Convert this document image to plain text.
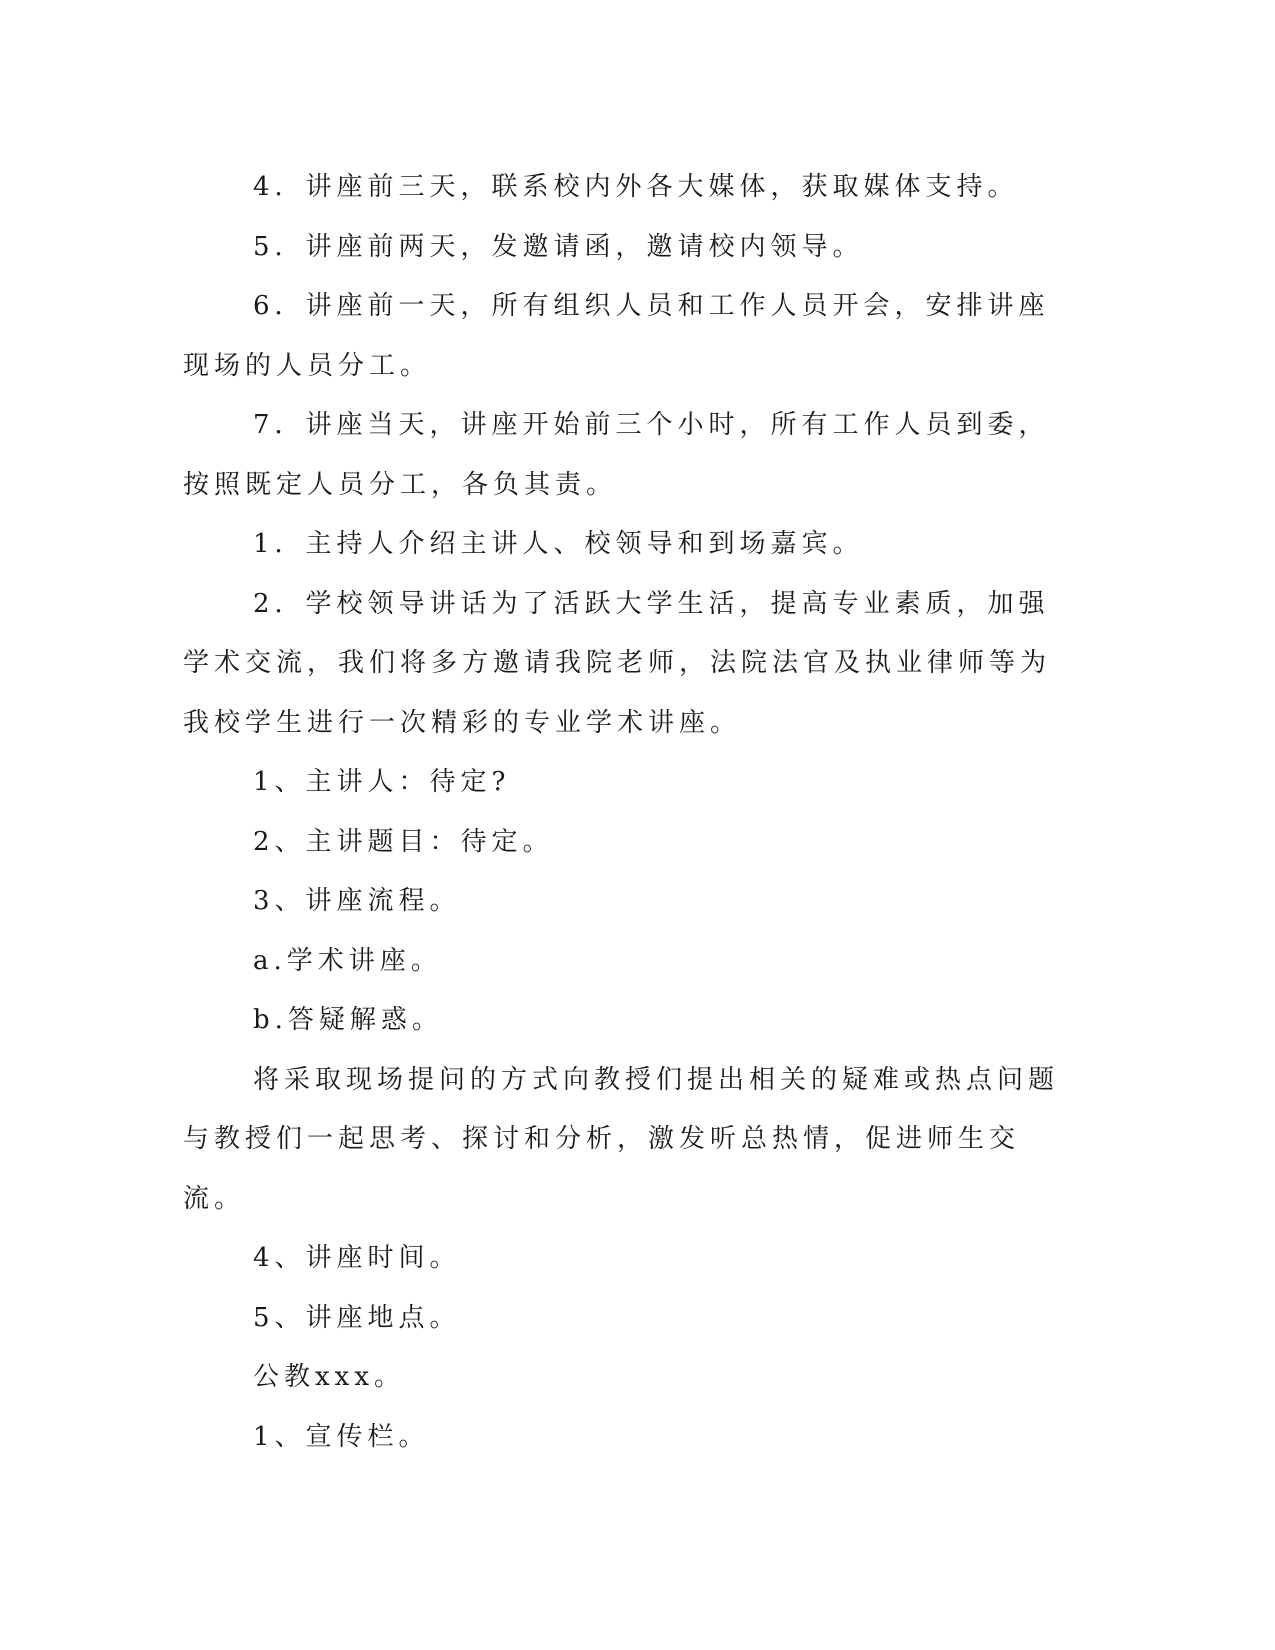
4．讲座前三天，联系校内外各大媒体，获取媒体支持。

5．讲座前两天，发邀请函，邀请校内领导。

6．讲座前一天，所有组织人员和工作人员开会，安排讲座现场的人员分工。

7．讲座当天，讲座开始前三个小时，所有工作人员到委，按照既定人员分工，各负其责。

1．主持人介绍主讲人、校领导和到场嘉宾。

2．学校领导讲话为了活跃大学生活，提高专业素质，加强学术交流，我们将多方邀请我院老师，法院法官及执业律师等为我校学生进行一次精彩的专业学术讲座。

1、主讲人：待定?

2、主讲题目：待定。

3、讲座流程。

a.学术讲座。

b.答疑解惑。

将采取现场提问的方式向教授们提出相关的疑难或热点问题与教授们一起思考、探讨和分析，激发听总热情，促进师生交流。

4、讲座时间。

5、讲座地点。

公教xxx。

1、宣传栏。
